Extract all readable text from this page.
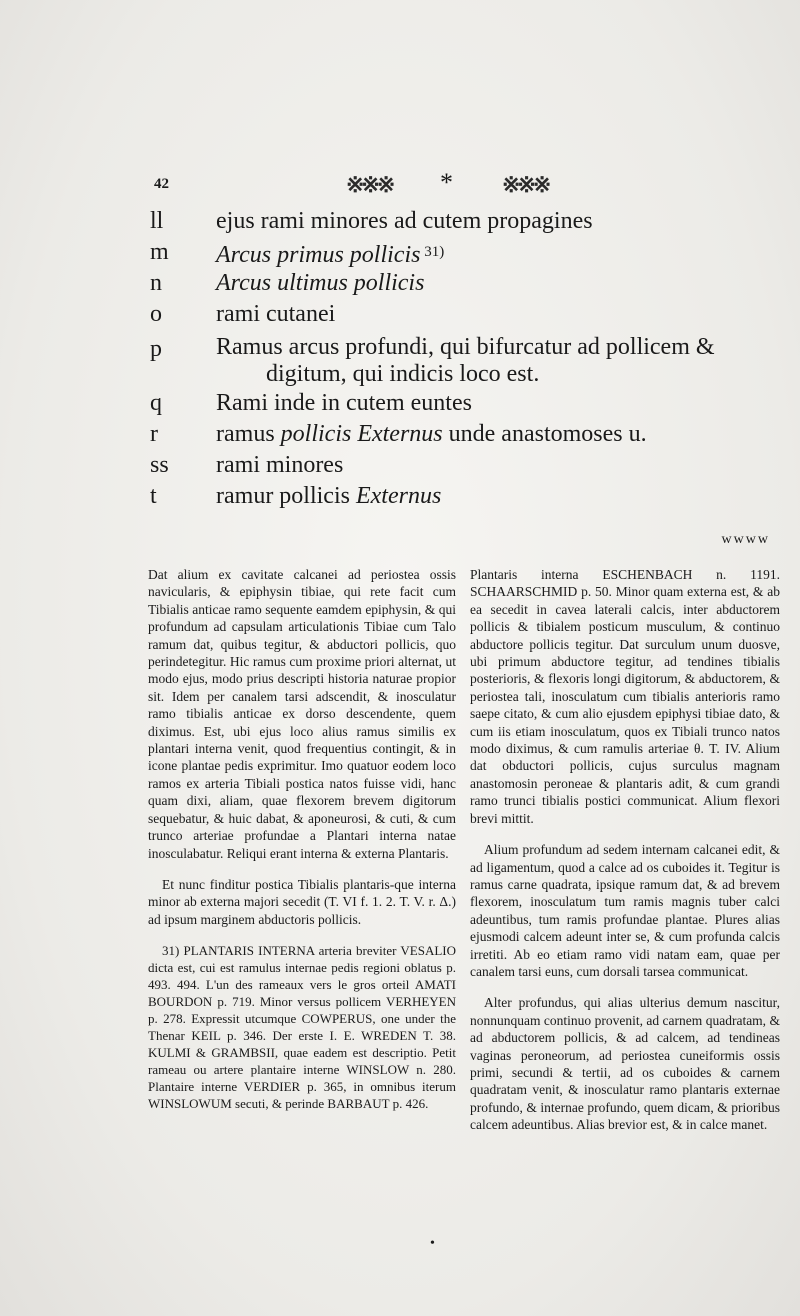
42	※※※ * ※※※
ll	ejus rami minores ad cutem propagines
m	Arcus primus pollicis $^{31)}$
n	Arcus ultimus pollicis
o	rami cutanei
p	Ramus arcus profundi, qui bifurcatur ad pollicem &
digitum, qui indicis loco est.
q	Rami inde in cutem euntes
r	ramus pollicis Externus unde anastomoses u.
ss	rami minores
t	ramur pollicis Externus
wwww

Dat alium ex cavitate calcanei ad periostea ossis navicularis, & epiphysin tibiae, qui rete facit cum Tibialis anticae ramo sequente eamdem epiphysin, & qui profundum ad capsulam articulationis Tibiae cum Talo ramum dat, quibus tegitur, & abductori pollicis, quo perindetegitur. Hic ramus cum proxime priori alternat, ut modo ejus, modo prius descripti historia naturae propior sit. Idem per canalem tarsi adscendit, & inosculatur ramo tibialis anticae ex dorso descendente, quem diximus. Est, ubi ejus loco alius ramus similis ex plantari interna venit, quod frequentius contingit, & in icone plantae pedis exprimitur. Imo quatuor eodem loco ramos ex arteria Tibiali postica natos fuisse vidi, hanc quam dixi, aliam, quae flexorem brevem digitorum sequebatur, & huic dabat, & aponeurosi, & cuti, & cum trunco arteriae profundae a Plantari interna natae inosculabatur. Reliqui erant interna & externa Plantaris.

Et nunc finditur postica Tibialis plantaris-que interna minor ab externa majori secedit (T. VI f. 1. 2. T. V. r. Δ.) ad ipsum marginem abductoris pollicis.

31) PLANTARIS INTERNA arteria breviter VESALIO dicta est, cui est ramulus internae pedis regioni oblatus p. 493. 494. L'un des rameaux vers le gros orteil AMATI BOURDON p. 719. Minor versus pollicem VERHEYEN p. 278. Expressit utcumque COWPERUS, one under the Thenar KEIL p. 346. Der erste I. E. WREDEN T. 38. KULMI & GRAMBSII, quae eadem est descriptio. Petit rameau ou artere plantaire interne WINSLOW n. 280. Plantaire interne VERDIER p. 365, in omnibus iterum WINSLOWUM secuti, & perinde BARBAUT p. 426.

Plantaris interna ESCHENBACH n. 1191. SCHAARSCHMID p. 50. Minor quam externa est, & ab ea secedit in cavea laterali calcis, inter abductorem pollicis & tibialem posticum musculum, & continuo abductore pollicis tegitur. Dat surculum unum duosve, ubi primum abductore tegitur, ad tendines tibialis posterioris, & flexoris longi digitorum, & abductorem, & periostea tali, inosculatum cum tibialis anterioris ramo saepe citato, & cum alio ejusdem epiphysi tibiae dato, & cum iis etiam inosculatum, quos ex Tibiali trunco natos modo diximus, & cum ramulis arteriae θ. T. IV. Alium dat obductori pollicis, cujus surculus magnam anastomosin peroneae & plantaris adit, & cum grandi ramo trunci tibialis postici communicat. Alium flexori brevi mittit.

Alium profundum ad sedem internam calcanei edit, & ad ligamentum, quod a calce ad os cuboides it. Tegitur is ramus carne quadrata, ipsique ramum dat, & ad brevem flexorem, inosculatum tum ramis magnis tuber calci adeuntibus, tum ramis profundae plantae. Plures alias ejusmodi calcem adeunt inter se, & cum profunda calcis irretiti. Ab eo etiam ramo vidi natam eam, quae per canalem tarsi euns, cum dorsali tarsea communicat.

Alter profundus, qui alias ulterius demum nascitur, nonnunquam continuo provenit, ad carnem quadratam, & ad abductorem pollicis, & ad calcem, ad tendineas vaginas peroneorum, ad periostea cuneiformis ossis primi, secundi & tertii, ad os cuboides & carnem quadratam venit, & inosculatur ramo plantaris externae profundo, & internae profundo, quem dicam, & prioribus calcem adeuntibus. Alias brevior est, & in calce manet.

•
